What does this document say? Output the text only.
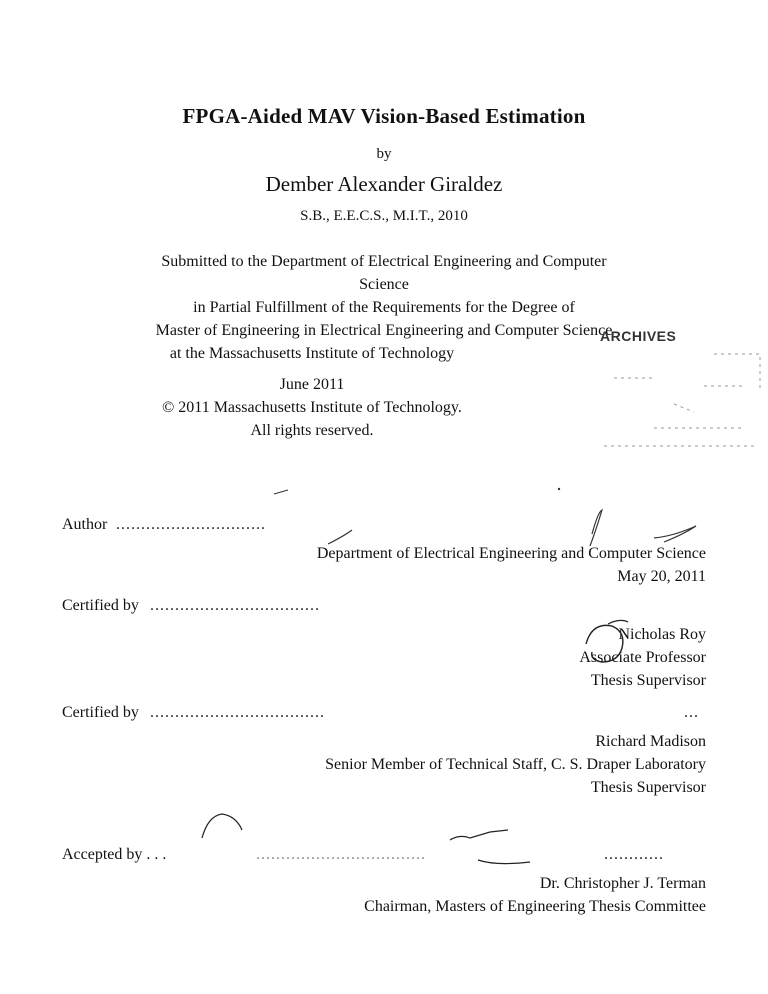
FPGA-Aided MAV Vision-Based Estimation
by
Dember Alexander Giraldez
S.B., E.E.C.S., M.I.T., 2010
Submitted to the Department of Electrical Engineering and Computer
Science
in Partial Fulfillment of the Requirements for the Degree of
Master of Engineering in Electrical Engineering and Computer Science
at the Massachusetts Institute of Technology
June 2011
© 2011 Massachusetts Institute of Technology.
All rights reserved.
ARCHIVES
Author ..............................
Department of Electrical Engineering and Computer Science
May 20, 2011
Certified by ..................................
Nicholas Roy
Associate Professor
Thesis Supervisor
Certified by ...................................	...
Richard Madison
Senior Member of Technical Staff, C. S. Draper Laboratory
Thesis Supervisor
Accepted by . . .	..................................	............
Dr. Christopher J. Terman
Chairman, Masters of Engineering Thesis Committee
